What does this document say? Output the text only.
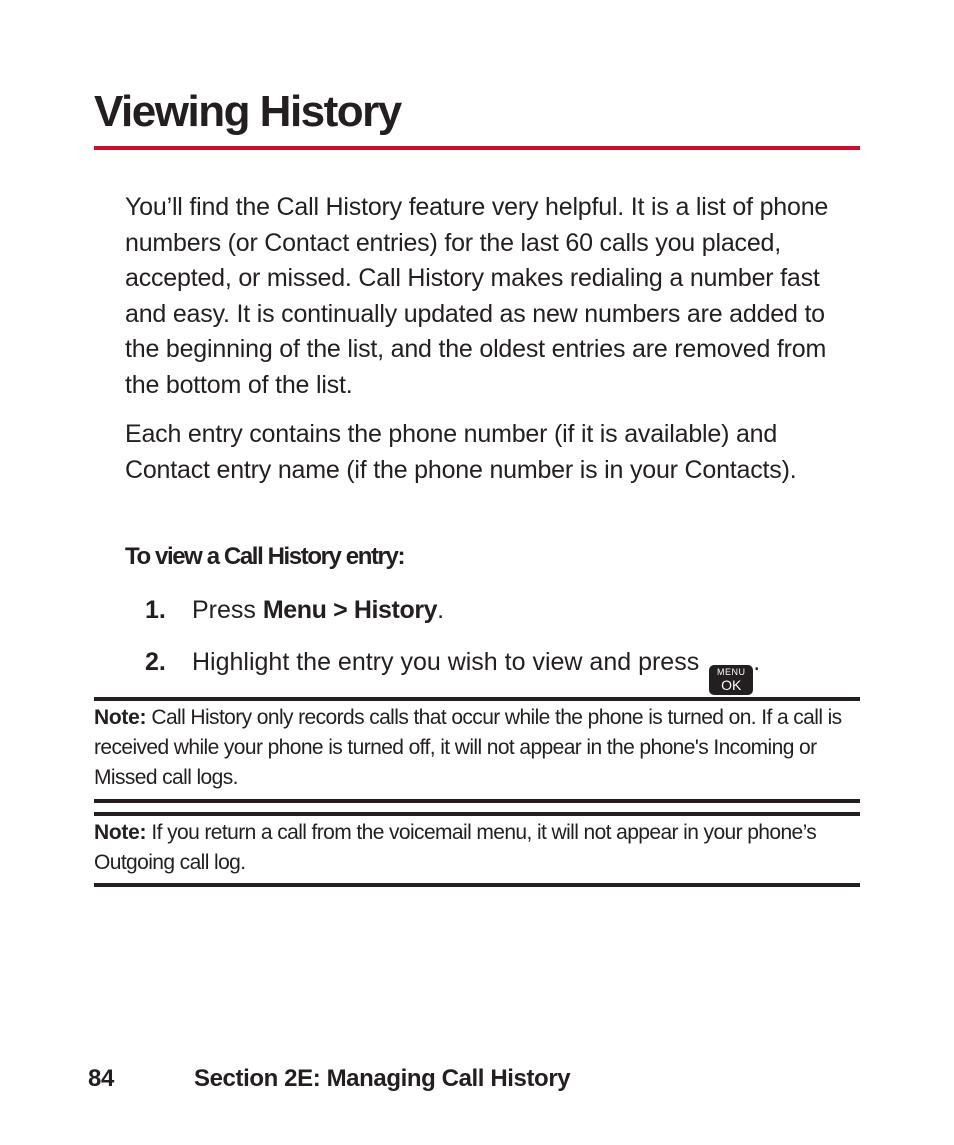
Viewing History

You’ll find the Call History feature very helpful. It is a list of phone numbers (or Contact entries) for the last 60 calls you placed, accepted, or missed. Call History makes redialing a number fast and easy. It is continually updated as new numbers are added to the beginning of the list, and the oldest entries are removed from the bottom of the list.

Each entry contains the phone number (if it is available) and Contact entry name (if the phone number is in your Contacts).

To view a Call History entry:

1. Press Menu > History.
2. Highlight the entry you wish to view and press MENU
OK
.

Note: Call History only records calls that occur while the phone is turned on. If a call is received while your phone is turned off, it will not appear in the phone's Incoming or Missed call logs.

Note: If you return a call from the voicemail menu, it will not appear in your phone’s Outgoing call log.

84	Section 2E: Managing Call History
